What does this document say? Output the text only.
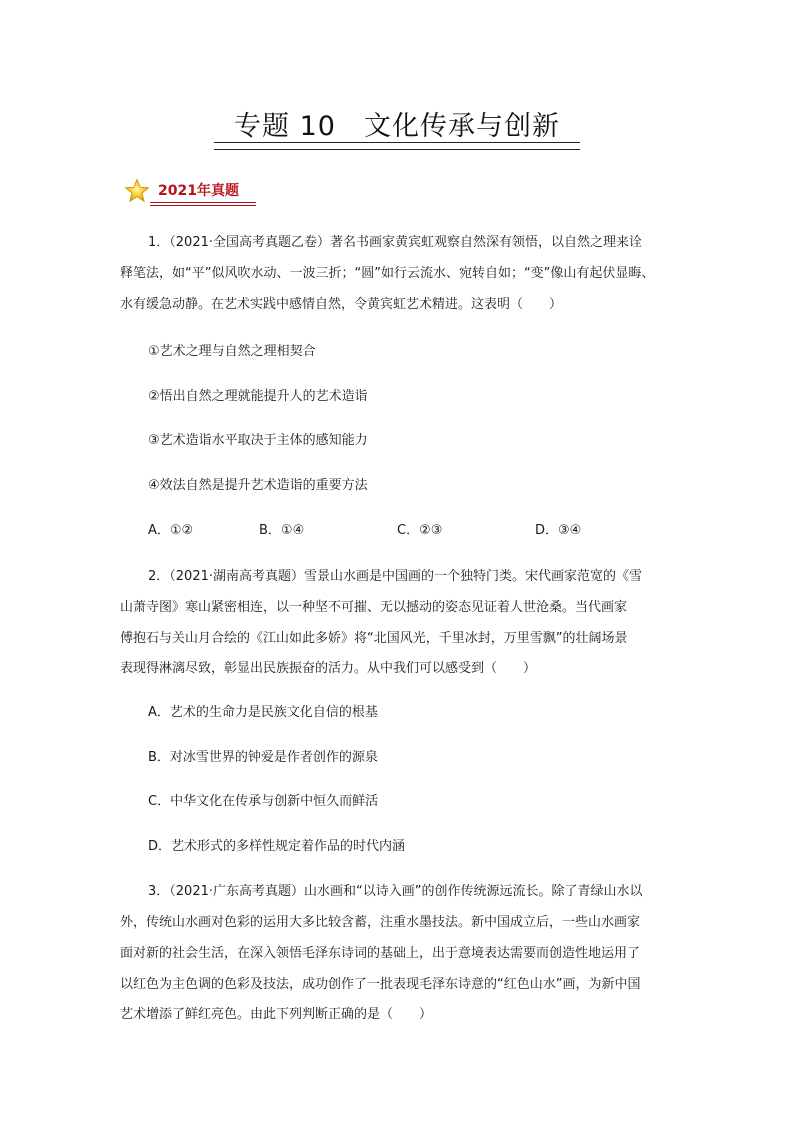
专题 10　文化传承与创新
2021年真题
1．（2021·全国高考真题乙卷）著名书画家黄宾虹观察自然深有领悟，以自然之理来诠
释笔法，如“平”似风吹水动、一波三折；“圆”如行云流水、宛转自如；“变”像山有起伏显晦、
水有缓急动静。在艺术实践中感情自然，令黄宾虹艺术精进。这表明（　　）
①艺术之理与自然之理相契合
②悟出自然之理就能提升人的艺术造诣
③艺术造诣水平取决于主体的感知能力
④效法自然是提升艺术造诣的重要方法
A．①②	B．①④	C．②③	D．③④
2．（2021·湖南高考真题）雪景山水画是中国画的一个独特门类。宋代画家范宽的《雪
山萧寺图》寒山紧密相连，以一种坚不可摧、无以撼动的姿态见证着人世沧桑。当代画家
傅抱石与关山月合绘的《江山如此多娇》将“北国风光，千里冰封，万里雪飘”的壮阔场景
表现得淋漓尽致，彰显出民族振奋的活力。从中我们可以感受到（　　）
A．艺术的生命力是民族文化自信的根基
B．对冰雪世界的钟爱是作者创作的源泉
C．中华文化在传承与创新中恒久而鲜活
D．艺术形式的多样性规定着作品的时代内涵
3．（2021·广东高考真题）山水画和“以诗入画”的创作传统源远流长。除了青绿山水以
外，传统山水画对色彩的运用大多比较含蓄，注重水墨技法。新中国成立后，一些山水画家
面对新的社会生活，在深入领悟毛泽东诗词的基础上，出于意境表达需要而创造性地运用了
以红色为主色调的色彩及技法，成功创作了一批表现毛泽东诗意的“红色山水”画，为新中国
艺术增添了鲜红亮色。由此下列判断正确的是（　　）
